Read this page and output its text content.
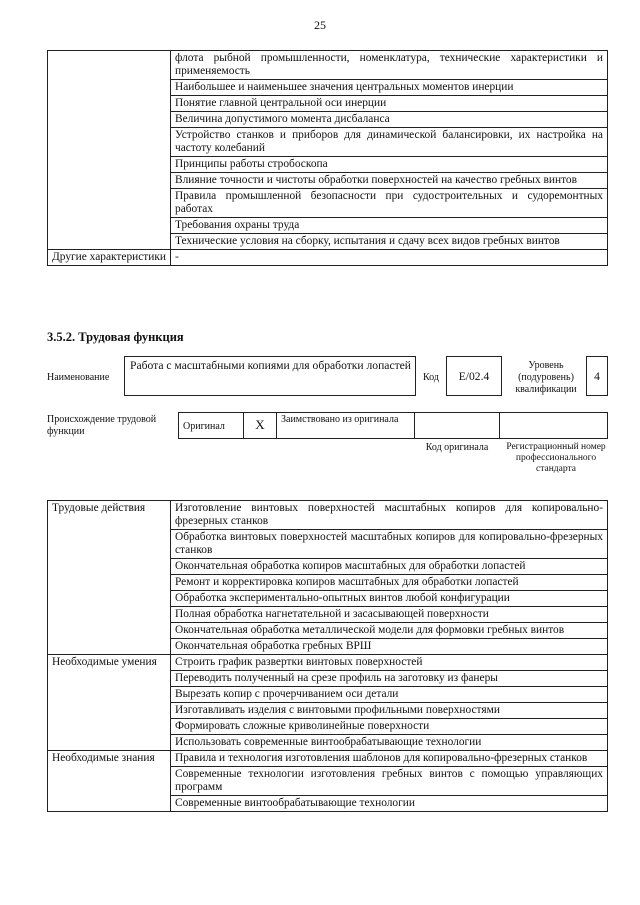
25
	флота рыбной промышленности, номенклатура, технические характеристики и применяемость
	Наибольшее и наименьшее значения центральных моментов инерции
	Понятие главной центральной оси инерции
	Величина допустимого момента дисбаланса
	Устройство станков и приборов для динамической балансировки, их настройка на частоту колебаний
	Принципы работы стробоскопа
	Влияние точности и чистоты обработки поверхностей на качество гребных винтов
	Правила промышленной безопасности при судостроительных и судоремонтных работах
	Требования охраны труда
	Технические условия на сборку, испытания и сдачу всех видов гребных винтов
Другие характеристики	-
3.5.2. Трудовая функция
Наименование
Работа с масштабными копиями для обработки лопастей
Код	E/02.4
Уровень (подуровень) квалификации
4
Происхождение трудовой функции	Оригинал	X	Заимствовано из оригинала
Код оригинала	Регистрационный номер профессионального стандарта
Трудовые действия	Изготовление винтовых поверхностей масштабных копиров для копировально-фрезерных станков
	Обработка винтовых поверхностей масштабных копиров для копировально-фрезерных станков
	Окончательная обработка копиров масштабных для обработки лопастей
	Ремонт и корректировка копиров масштабных для обработки лопастей
	Обработка экспериментально-опытных винтов любой конфигурации
	Полная обработка нагнетательной и засасывающей поверхности
	Окончательная обработка металлической модели для формовки гребных винтов
	Окончательная обработка гребных ВРШ
Необходимые умения	Строить график развертки винтовых поверхностей
	Переводить полученный на срезе профиль на заготовку из фанеры
	Вырезать копир с прочерчиванием оси детали
	Изготавливать изделия с винтовыми профильными поверхностями
	Формировать сложные криволинейные поверхности
	Использовать современные винтообрабатывающие технологии
Необходимые знания	Правила и технология изготовления шаблонов для копировально-фрезерных станков
	Современные технологии изготовления гребных винтов с помощью управляющих программ
	Современные винтообрабатывающие технологии
